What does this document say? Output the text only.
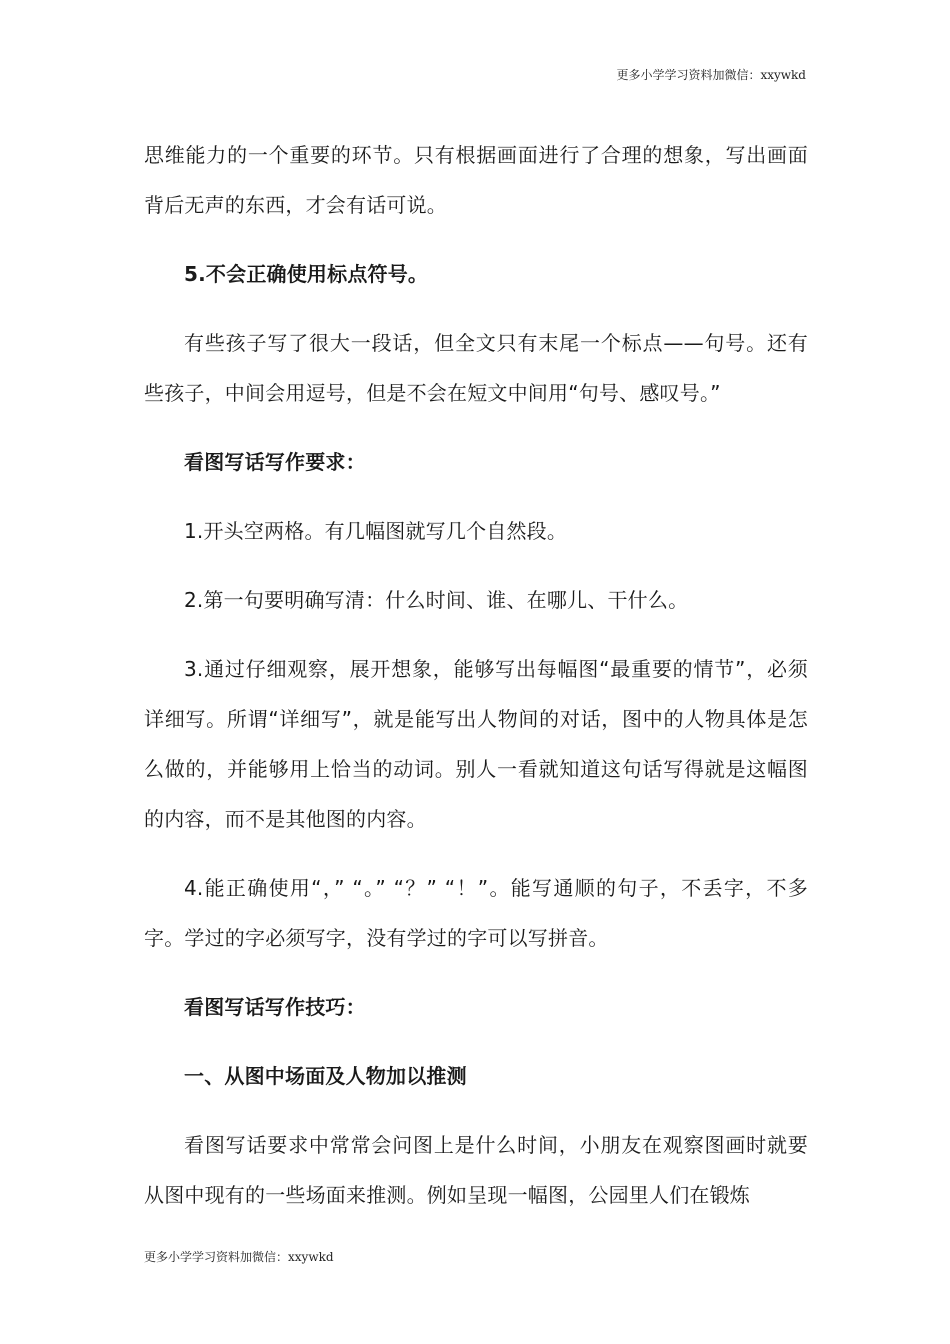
更多小学学习资料加微信：xxywkd

思维能力的一个重要的环节。只有根据画面进行了合理的想象，写出画面背后无声的东西，才会有话可说。

5.不会正确使用标点符号。

有些孩子写了很大一段话，但全文只有末尾一个标点——句号。还有些孩子，中间会用逗号，但是不会在短文中间用“句号、感叹号。”

看图写话写作要求：

1.开头空两格。有几幅图就写几个自然段。

2.第一句要明确写清：什么时间、谁、在哪儿、干什么。

3.通过仔细观察，展开想象，能够写出每幅图“最重要的情节”，必须详细写。所谓“详细写”，就是能写出人物间的对话，图中的人物具体是怎么做的，并能够用上恰当的动词。别人一看就知道这句话写得就是这幅图的内容，而不是其他图的内容。

4.能正确使用“，” “。” “？” “！”。能写通顺的句子，不丢字，不多字。学过的字必须写字，没有学过的字可以写拼音。

看图写话写作技巧：

一、从图中场面及人物加以推测

看图写话要求中常常会问图上是什么时间，小朋友在观察图画时就要从图中现有的一些场面来推测。例如呈现一幅图，公园里人们在锻炼

更多小学学习资料加微信：xxywkd
